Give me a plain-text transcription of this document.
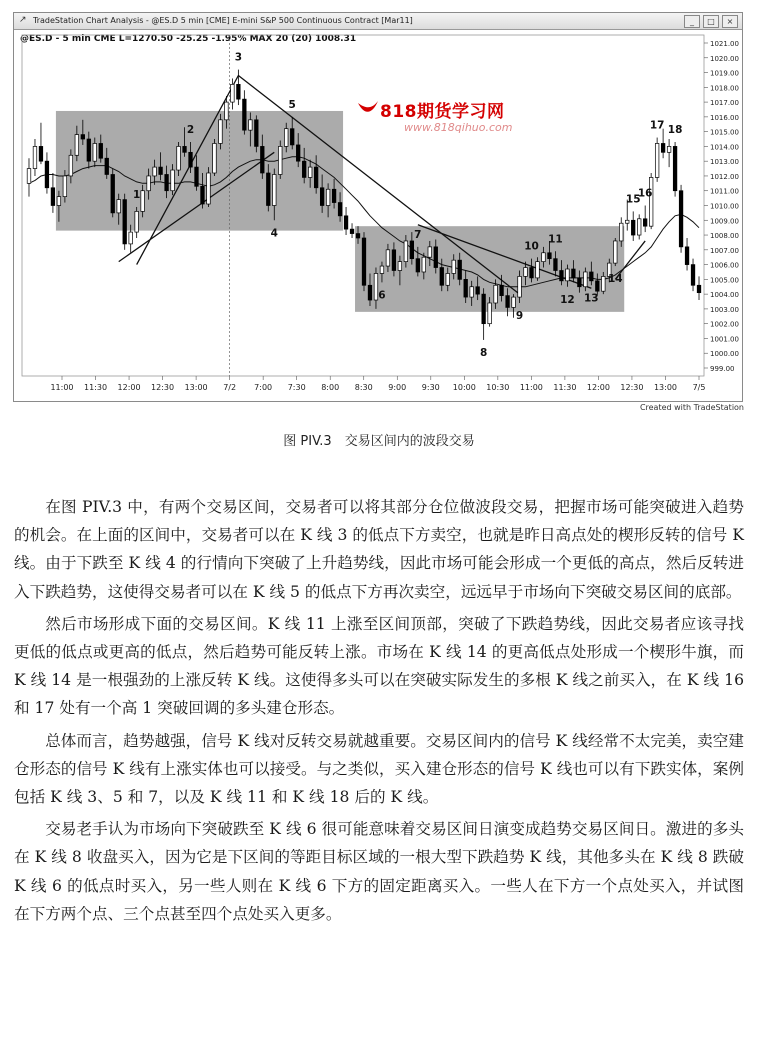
↗ TradeStation Chart Analysis - @ES.D 5 min [CME] E-mini S&P 500 Continuous Contract [Mar11]	_	□	×
@ES.D - 5 min CME L=1270.50 -25.25 -1.95% MAX 20 (20) 1008.31	1021.00
1020.00
1019.00
1018.00
1017.00
1016.00
1015.00
1014.00
1013.00
1012.00
1011.00
1010.00
1009.00
1008.00
1007.00
1006.00
1005.00
1004.00
1003.00
1002.00
1001.00
1000.00
999.00
11:00 11:30 12:00 12:30 13:00 7/2 7:00 7:30 8:00 8:30 9:00 9:30 10:00 10:30 11:00 11:30 12:00 12:30 13:00 7/5
1
2
3
4
5
6
7
8
9
10
11
12 13
14
15
16
17 18
818期货学习网
www.818qihuo.com
Created with TradeStation
图 PIV.3　交易区间内的波段交易

在图 PIV.3 中，有两个交易区间，交易者可以将其部分仓位做波段交易，把握市场可能突破进入趋势的机会。在上面的区间中，交易者可以在 K 线 3 的低点下方卖空，也就是昨日高点处的楔形反转的信号 K 线。由于下跌至 K 线 4 的行情向下突破了上升趋势线，因此市场可能会形成一个更低的高点，然后反转进入下跌趋势，这使得交易者可以在 K 线 5 的低点下方再次卖空，远远早于市场向下突破交易区间的底部。

然后市场形成下面的交易区间。K 线 11 上涨至区间顶部，突破了下跌趋势线，因此交易者应该寻找更低的低点或更高的低点，然后趋势可能反转上涨。市场在 K 线 14 的更高低点处形成一个楔形牛旗，而 K 线 14 是一根强劲的上涨反转 K 线。这使得多头可以在突破实际发生的多根 K 线之前买入，在 K 线 16 和 17 处有一个高 1 突破回调的多头建仓形态。

总体而言，趋势越强，信号 K 线对反转交易就越重要。交易区间内的信号 K 线经常不太完美，卖空建仓形态的信号 K 线有上涨实体也可以接受。与之类似，买入建仓形态的信号 K 线也可以有下跌实体，案例包括 K 线 3、5 和 7，以及 K 线 11 和 K 线 18 后的 K 线。

交易老手认为市场向下突破跌至 K 线 6 很可能意味着交易区间日演变成趋势交易区间日。激进的多头在 K 线 8 收盘买入，因为它是下区间的等距目标区域的一根大型下跌趋势 K 线，其他多头在 K 线 8 跌破 K 线 6 的低点时买入，另一些人则在 K 线 6 下方的固定距离买入。一些人在下方一个点处买入，并试图在下方两个点、三个点甚至四个点处买入更多。
